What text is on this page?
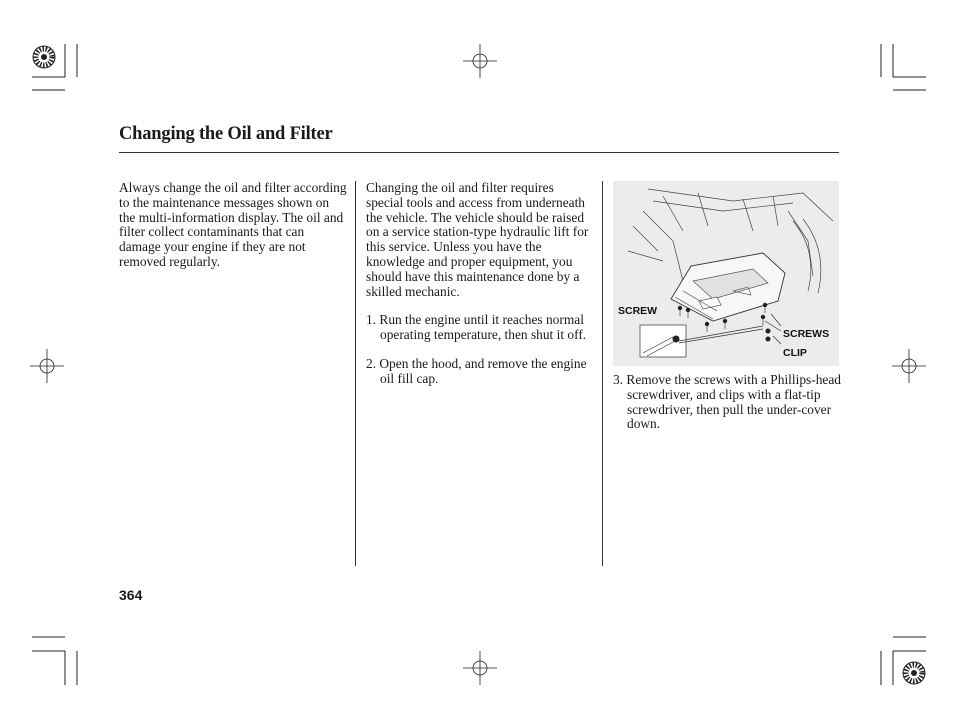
Changing the Oil and Filter

Always change the oil and filter according to the maintenance messages shown on the multi-information display. The oil and filter collect contaminants that can damage your engine if they are not removed regularly.

Changing the oil and filter requires special tools and access from underneath the vehicle. The vehicle should be raised on a service station-type hydraulic lift for this service. Unless you have the knowledge and proper equipment, you should have this maintenance done by a skilled mechanic.

1. Run the engine until it reaches normal operating temperature, then shut it off.

2. Open the hood, and remove the engine oil fill cap.

SCREW
SCREWS
CLIP

3. Remove the screws with a Phillips-head screwdriver, and clips with a flat-tip screwdriver, then pull the under-cover down.

364
